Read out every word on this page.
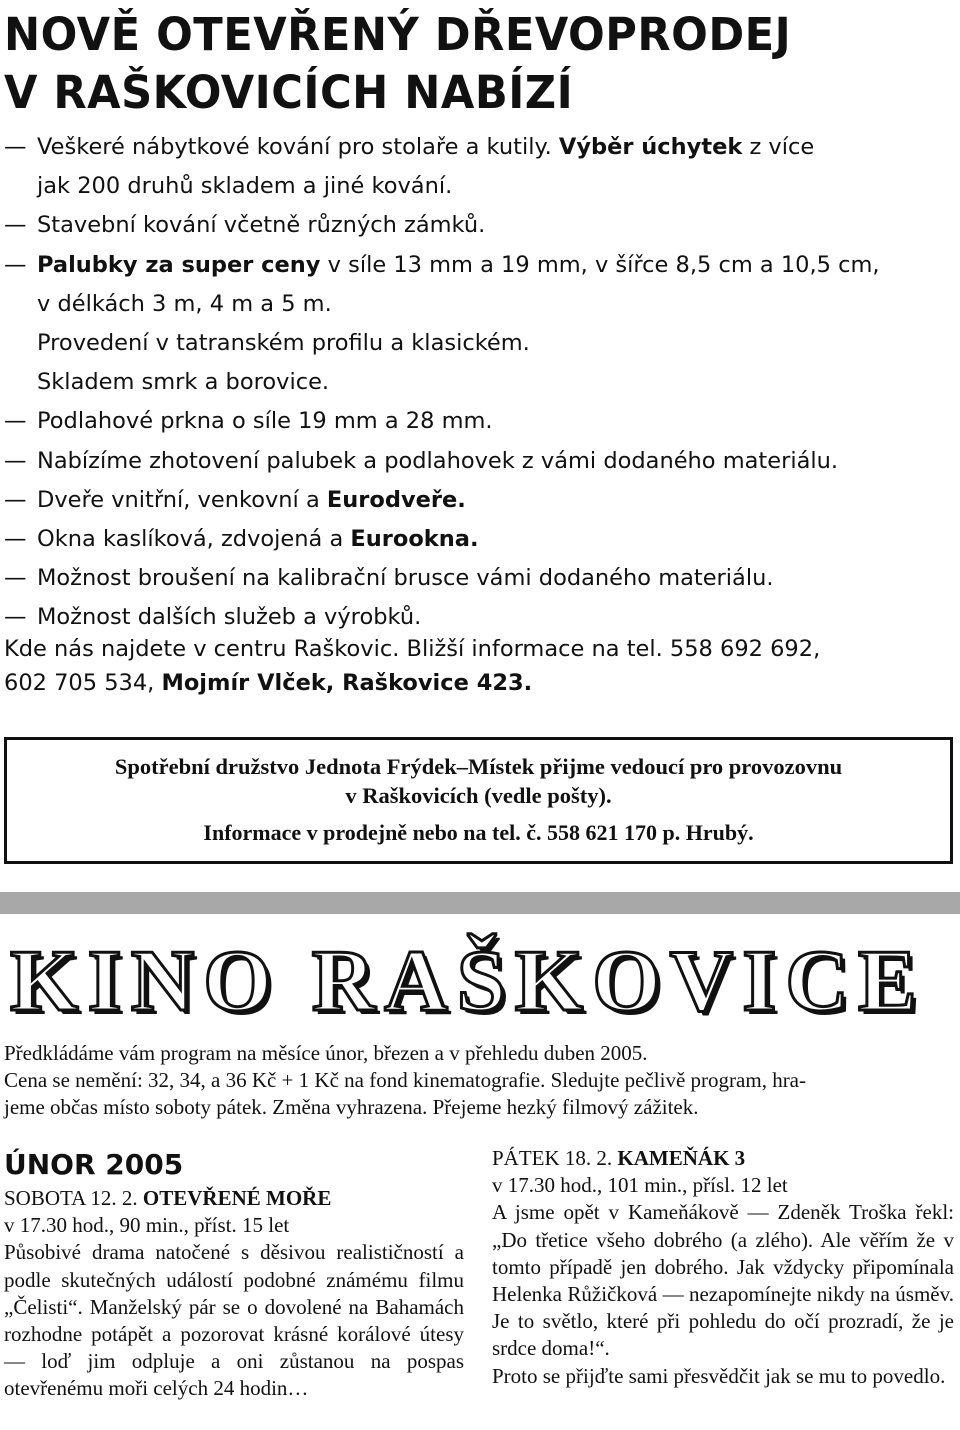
NOVĚ OTEVŘENÝ DŘEVOPRODEJ
V RAŠKOVICÍCH NABÍZÍ
— Veškeré nábytkové kování pro stolaře a kutily. Výběr úchytek z více
jak 200 druhů skladem a jiné kování.
— Stavební kování včetně různých zámků.
— Palubky za super ceny v síle 13 mm a 19 mm, v šířce 8,5 cm a 10,5 cm,
v délkách 3 m, 4 m a 5 m.
Provedení v tatranském profilu a klasickém.
Skladem smrk a borovice.
— Podlahové prkna o síle 19 mm a 28 mm.
— Nabízíme zhotovení palubek a podlahovek z vámi dodaného materiálu.
— Dveře vnitřní, venkovní a Eurodveře.
— Okna kaslíková, zdvojená a Eurookna.
— Možnost broušení na kalibrační brusce vámi dodaného materiálu.
— Možnost dalších služeb a výrobků.
Kde nás najdete v centru Raškovic. Bližší informace na tel. 558 692 692,
602 705 534, Mojmír Vlček, Raškovice 423.
Spotřební družstvo Jednota Frýdek–Místek přijme vedoucí pro provozovnu
v Raškovicích (vedle pošty).
Informace v prodejně nebo na tel. č. 558 621 170 p. Hrubý.
KINO RAŠKOVICE
Předkládáme vám program na měsíce únor, březen a v přehledu duben 2005.
Cena se nemění: 32, 34, a 36 Kč + 1 Kč na fond kinematografie. Sledujte pečlivě program, hra-
jeme občas místo soboty pátek. Změna vyhrazena. Přejeme hezký filmový zážitek.
ÚNOR 2005
SOBOTA 12. 2. OTEVŘENÉ MOŘE
v 17.30 hod., 90 min., příst. 15 let
Působivé drama natočené s děsivou realističností a podle skutečných událostí podobné známému filmu „Čelisti“. Manželský pár se o dovolené na Bahamách rozhodne potápět a pozorovat krásné korálové útesy — loď jim odpluje a oni zůstanou na pospas otevřenému moři celých 24 hodin…
PÁTEK 18. 2. KAMEŇÁK 3
v 17.30 hod., 101 min., přísl. 12 let
A jsme opět v Kameňákově — Zdeněk Troška řekl: „Do třetice všeho dobrého (a zlého). Ale věřím že v tomto případě jen dobrého. Jak vždycky připomínala Helenka Růžičková — nezapomínejte nikdy na úsměv. Je to světlo, které při pohledu do očí prozradí, že je srdce doma!“.
Proto se přijďte sami přesvědčit jak se mu to povedlo.
